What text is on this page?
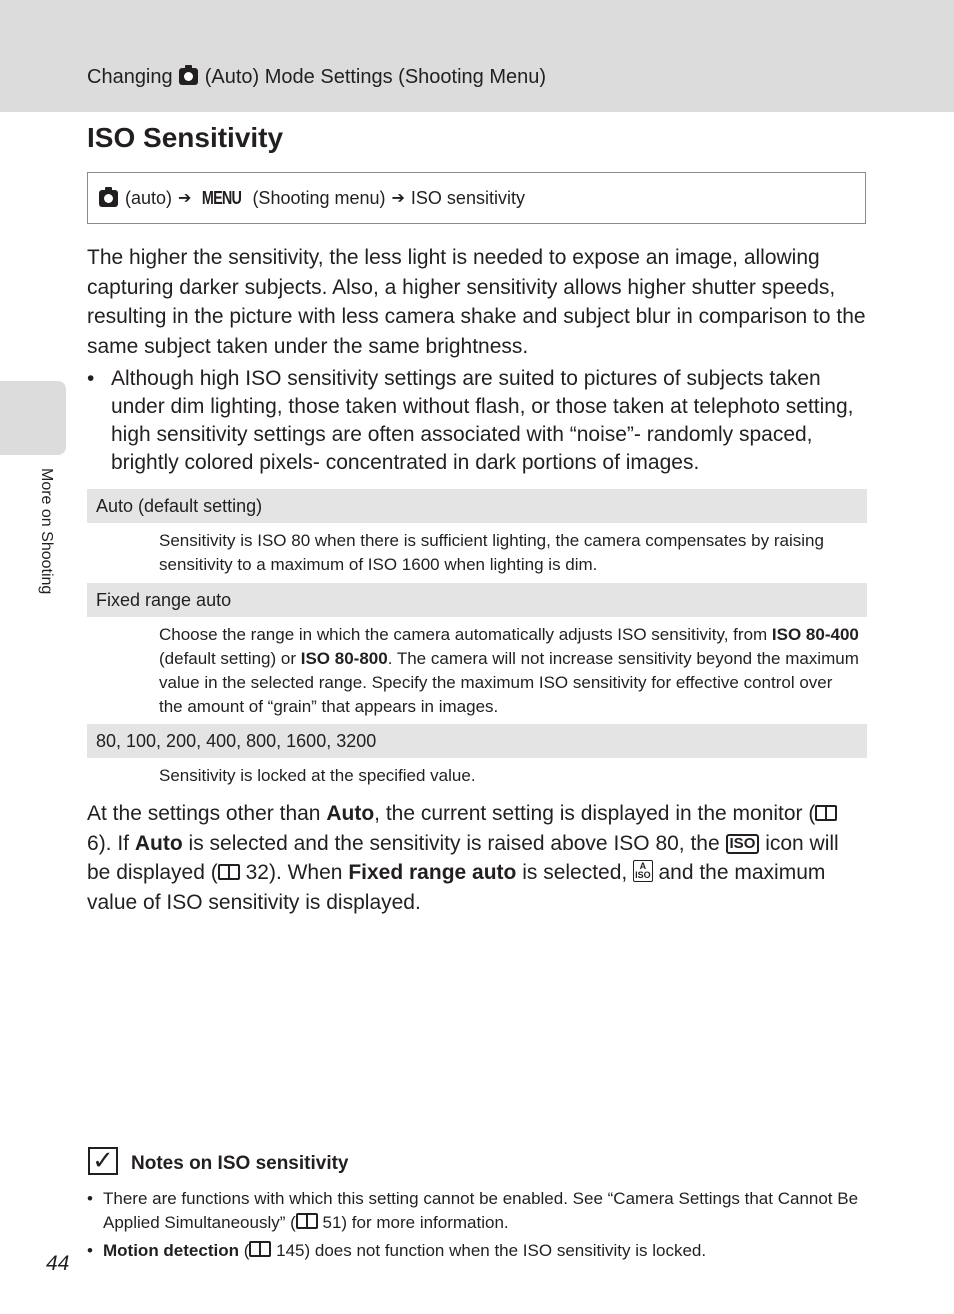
Changing (Auto) Mode Settings (Shooting Menu)
More on Shooting
ISO Sensitivity
(auto) ➔ MENU (Shooting menu) ➔ ISO sensitivity

The higher the sensitivity, the less light is needed to expose an image, allowing capturing darker subjects. Also, a higher sensitivity allows higher shutter speeds, resulting in the picture with less camera shake and subject blur in comparison to the same subject taken under the same brightness.

• Although high ISO sensitivity settings are suited to pictures of subjects taken under dim lighting, those taken without flash, or those taken at telephoto setting, high sensitivity settings are often associated with “noise”- randomly spaced, brightly colored pixels- concentrated in dark portions of images.
Auto (default setting)
Sensitivity is ISO 80 when there is sufficient lighting, the camera compensates by raising sensitivity to a maximum of ISO 1600 when lighting is dim.
Fixed range auto
Choose the range in which the camera automatically adjusts ISO sensitivity, from ISO 80-400 (default setting) or ISO 80-800. The camera will not increase sensitivity beyond the maximum value in the selected range. Specify the maximum ISO sensitivity for effective control over the amount of “grain” that appears in images.
80, 100, 200, 400, 800, 1600, 3200
Sensitivity is locked at the specified value.

At the settings other than Auto, the current setting is displayed in the monitor ( 6). If Auto is selected and the sensitivity is raised above ISO 80, the ISO icon will be displayed ( 32). When Fixed range auto is selected, A
ISO and the maximum value of ISO sensitivity is displayed.

✓ Notes on ISO sensitivity
• There are functions with which this setting cannot be enabled. See “Camera Settings that Cannot Be Applied Simultaneously” ( 51) for more information.
• Motion detection ( 145) does not function when the ISO sensitivity is locked.
44
